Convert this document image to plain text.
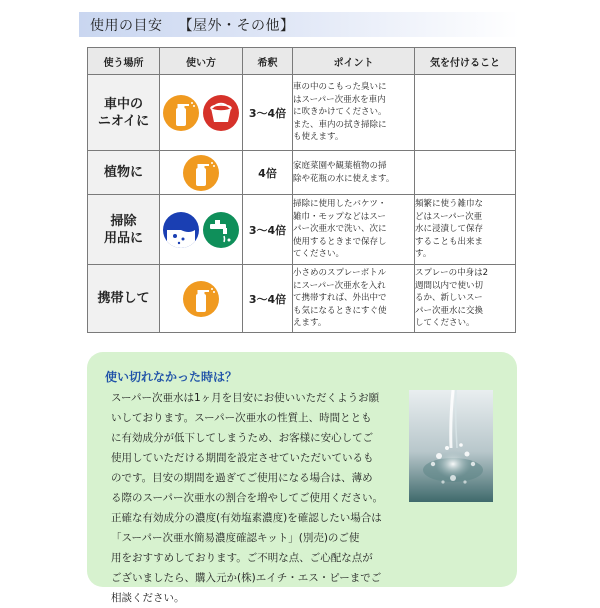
使用の目安 【屋外・その他】
使う場所	使い方	希釈	ポイント	気を付けること
車中の
ニオイに		3〜4倍	車の中のこもった臭いに
はスーパー次亜水を車内
に吹きかけてください。
また、車内の拭き掃除に
も使えます。	
植物に		4倍	家庭菜園や観葉植物の掃
除や花瓶の水に使えます。	
掃除
用品に		3〜4倍	掃除に使用したバケツ・
雑巾・モップなどはスー
パー次亜水で洗い、次に
使用するときまで保存し
てください。	頻繁に使う雑巾な
どはスーパー次亜
水に浸漬して保存
することも出来ま
す。
携帯して		3〜4倍	小さめのスプレーボトル
にスーパー次亜水を入れ
て携帯すれば、外出中で
も気になるときにすぐ使
えます。	スプレーの中身は2
週間以内で使い切
るか、新しいスー
パー次亜水に交換
してください。
使い切れなかった時は？
スーパー次亜水は1ヶ月を目安にお使いいただくようお願
いしております。スーパー次亜水の性質上、時間ととも
に有効成分が低下してしまうため、お客様に安心してご
使用していただける期間を設定させていただいているも
のです。目安の期間を過ぎてご使用になる場合は、薄め
る際のスーパー次亜水の割合を増やしてご使用ください。
正確な有効成分の濃度(有効塩素濃度)を確認したい場合は
「スーパー次亜水簡易濃度確認キット」(別売)のご使
用をおすすめしております。ご不明な点、ご心配な点が
ございましたら、購入元か(株)エイチ・エス・ピーまでご
相談ください。
